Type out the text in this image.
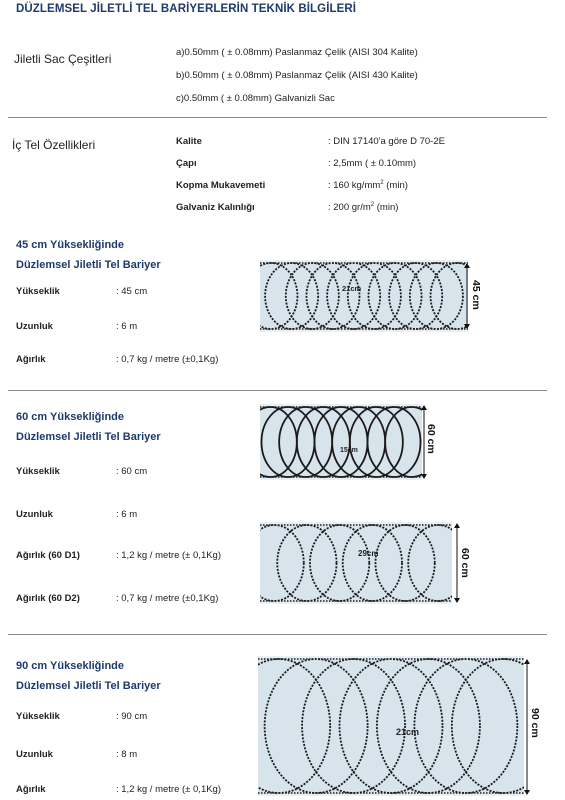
DÜZLEMSEL JİLETLİ TEL BARİYERLERİN TEKNİK BİLGİLERİ
Jiletli Sac Çeşitleri	a)0.50mm ( ± 0.08mm) Paslanmaz Çelik (AISI 304 Kalite)
b)0.50mm ( ± 0.08mm) Paslanmaz Çelik (AISI 430 Kalite)
c)0.50mm ( ± 0.08mm) Galvanizli Sac
İç Tel Özellikleri	Kalite	: DIN 17140'a göre D 70-2E
Çapı	: 2,5mm ( ± 0.10mm)
Kopma Mukavemeti	: 160 $kg/mm^2$ (min)
Galvaniz Kalınlığı	: 200 $gr/m^2$ (min)
45 cm Yüksekliğinde
Düzlemsel Jiletli Tel Bariyer
Yükseklik	: 45 cm
Uzunluk	: 6 m
Ağırlık	: 0,7 kg / metre (±0,1Kg)
21cm	45 cm
60 cm Yüksekliğinde
Düzlemsel Jiletli Tel Bariyer
Yükseklik	: 60 cm
Uzunluk	: 6 m
Ağırlık (60 D1)	: 1,2 kg / metre (± 0,1Kg)
Ağırlık (60 D2)	: 0,7 kg / metre (±0,1Kg)
15cm	60 cm
29cm	60 cm
90 cm Yüksekliğinde
Düzlemsel Jiletli Tel Bariyer
Yükseklik	: 90 cm
Uzunluk	: 8 m
Ağırlık	: 1,2 kg / metre (± 0,1Kg)
21cm	90 cm
